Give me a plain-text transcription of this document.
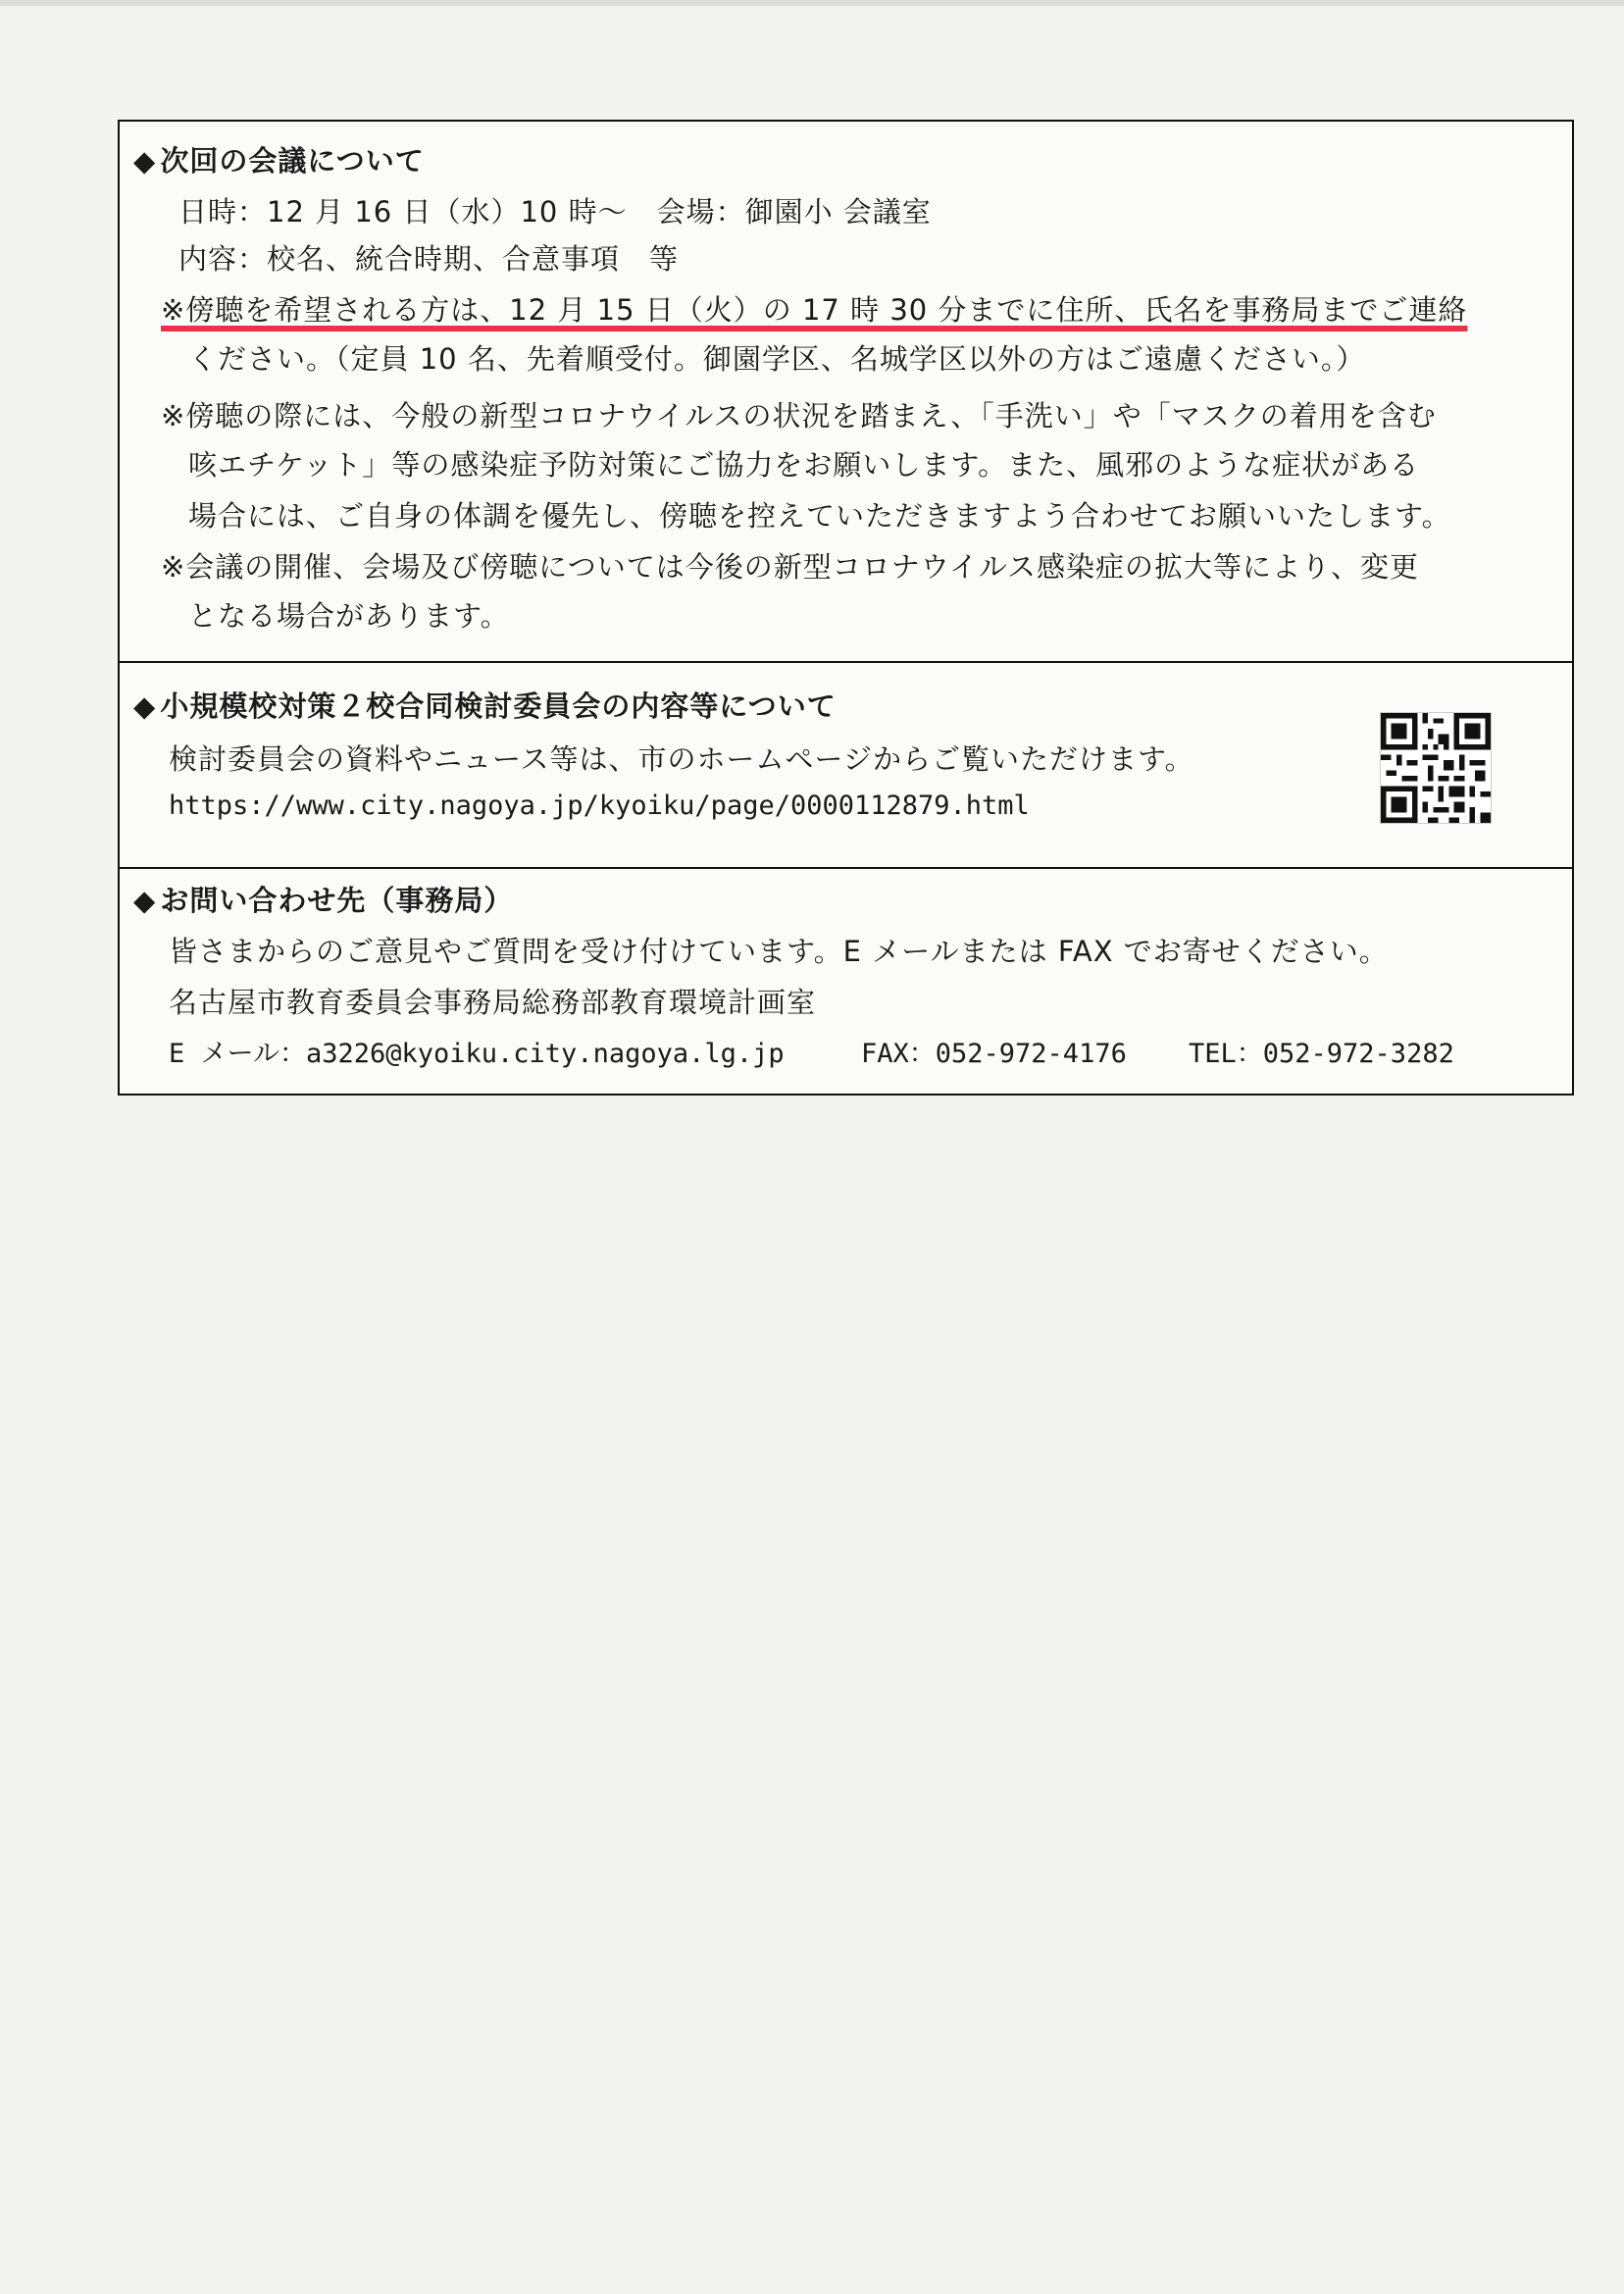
◆ 次回の会議について
日時：12 月 16 日（水）10 時～　会場：御園小 会議室
内容：校名、統合時期、合意事項　等
※傍聴を希望される方は、12 月 15 日（火）の 17 時 30 分までに住所、氏名を事務局までご連絡
ください。（定員 10 名、先着順受付。御園学区、名城学区以外の方はご遠慮ください。）
※傍聴の際には、今般の新型コロナウイルスの状況を踏まえ、「手洗い」や「マスクの着用を含む
咳エチケット」等の感染症予防対策にご協力をお願いします。また、風邪のような症状がある
場合には、ご自身の体調を優先し、傍聴を控えていただきますよう合わせてお願いいたします。
※会議の開催、会場及び傍聴については今後の新型コロナウイルス感染症の拡大等により、変更
となる場合があります。
◆ 小規模校対策２校合同検討委員会の内容等について
検討委員会の資料やニュース等は、市のホームページからご覧いただけます。
https://www.city.nagoya.jp/kyoiku/page/0000112879.html
◆ お問い合わせ先（事務局）
皆さまからのご意見やご質問を受け付けています。E メールまたは FAX でお寄せください。
名古屋市教育委員会事務局総務部教育環境計画室
E メール：a3226@kyoiku.city.nagoya.lg.jp	FAX：052-972-4176 TEL：052-972-3282
